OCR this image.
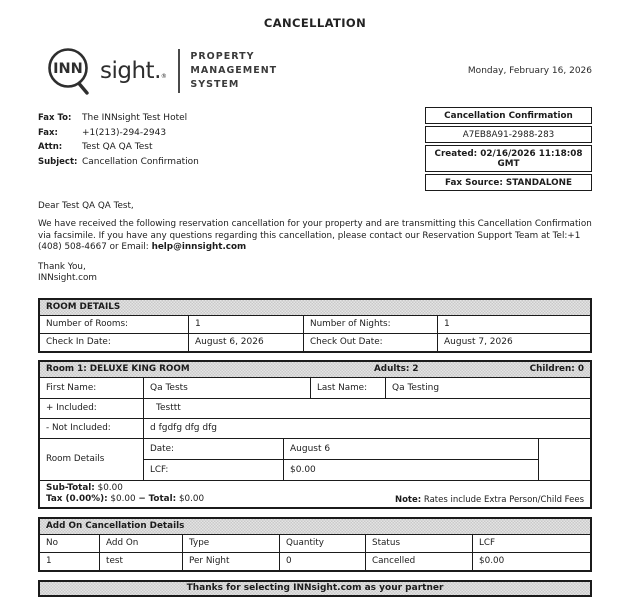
CANCELLATION
INN sight.®
PROPERTY
MANAGEMENT
SYSTEM
Monday, February 16, 2026
Fax To:	The INNsight Test Hotel
Fax:	+1(213)-294-2943
Attn:	Test QA QA Test
Subject: Cancellation Confirmation
Cancellation Confirmation
A7EB8A91-2988-283
Created: 02/16/2026 11:18:08 GMT
Fax Source: STANDALONE
Dear Test QA QA Test,
We have received the following reservation cancellation for your property and are transmitting this Cancellation Confirmation via facsimile. If you have any questions regarding this cancellation, please contact our Reservation Support Team at Tel:+1 (408) 508-4667 or Email: help@innsight.com
Thank You,
INNsight.com
ROOM DETAILS
Number of Rooms:	1	Number of Nights:	1
Check In Date:	August 6, 2026	Check Out Date:	August 7, 2026
Room 1: DELUXE KING ROOM	Adults: 2	Children: 0
First Name:	Qa Tests	Last Name:	Qa Testing
+ Included:	Testtt
- Not Included:	d fgdfg dfg dfg
Room Details
Date:	August 6
LCF:	$0.00
Sub-Total: $0.00
Tax (0.00%): $0.00 − Total: $0.00	Note: Rates include Extra Person/Child Fees
Add On Cancellation Details
No	Add On	Type	Quantity	Status	LCF
1	test	Per Night	0	Cancelled	$0.00
Thanks for selecting INNsight.com as your partner
